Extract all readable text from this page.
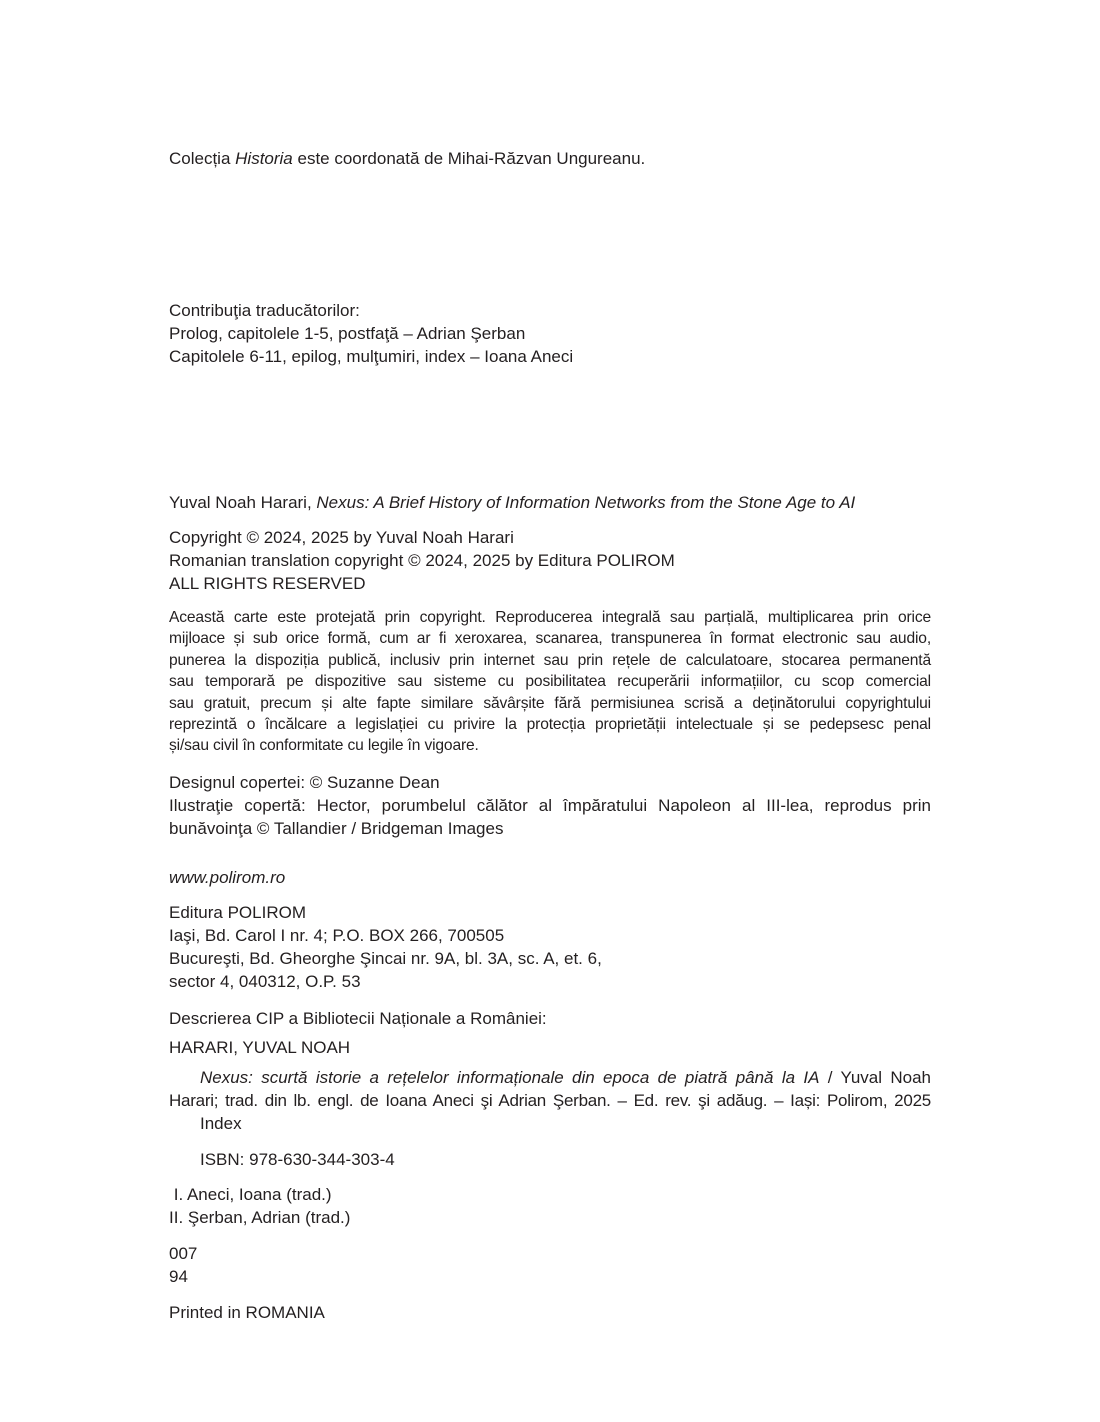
Colecția Historia este coordonată de Mihai-Răzvan Ungureanu.
Contribuţia traducătorilor:
Prolog, capitolele 1-5, postfaţă – Adrian Şerban
Capitolele 6-11, epilog, mulţumiri, index – Ioana Aneci
Yuval Noah Harari, Nexus: A Brief History of Information Networks from the Stone Age to AI
Copyright © 2024, 2025 by Yuval Noah Harari
Romanian translation copyright © 2024, 2025 by Editura POLIROM
ALL RIGHTS RESERVED
Această carte este protejată prin copyright. Reproducerea integrală sau parțială, multiplicarea prin orice
mijloace și sub orice formă, cum ar fi xeroxarea, scanarea, transpunerea în format electronic sau audio,
punerea la dispoziția publică, inclusiv prin internet sau prin rețele de calculatoare, stocarea permanentă
sau temporară pe dispozitive sau sisteme cu posibilitatea recuperării informațiilor, cu scop comercial
sau gratuit, precum și alte fapte similare săvârșite fără permisiunea scrisă a deținătorului copyrightului
reprezintă o încălcare a legislației cu privire la protecția proprietății intelectuale și se pedepsesc penal
și/sau civil în conformitate cu legile în vigoare.
Designul copertei: © Suzanne Dean
Ilustraţie copertă: Hector, porumbelul călător al împăratului Napoleon al III-lea, reprodus prin
bunăvoinţa © Tallandier / Bridgeman Images
www.polirom.ro
Editura POLIROM
Iaşi, Bd. Carol I nr. 4; P.O. BOX 266, 700505
Bucureşti, Bd. Gheorghe Şincai nr. 9A, bl. 3A, sc. A, et. 6,
sector 4, 040312, O.P. 53
Descrierea CIP a Bibliotecii Naționale a României:
HARARI, YUVAL NOAH
Nexus: scurtă istorie a rețelelor informaționale din epoca de piatră până la IA / Yuval Noah
Harari; trad. din lb. engl. de Ioana Aneci şi Adrian Şerban. – Ed. rev. şi adăug. – Iași: Polirom, 2025
Index
ISBN: 978-630-344-303-4
I. Aneci, Ioana (trad.)
II. Şerban, Adrian (trad.)
007
94
Printed in ROMANIA
